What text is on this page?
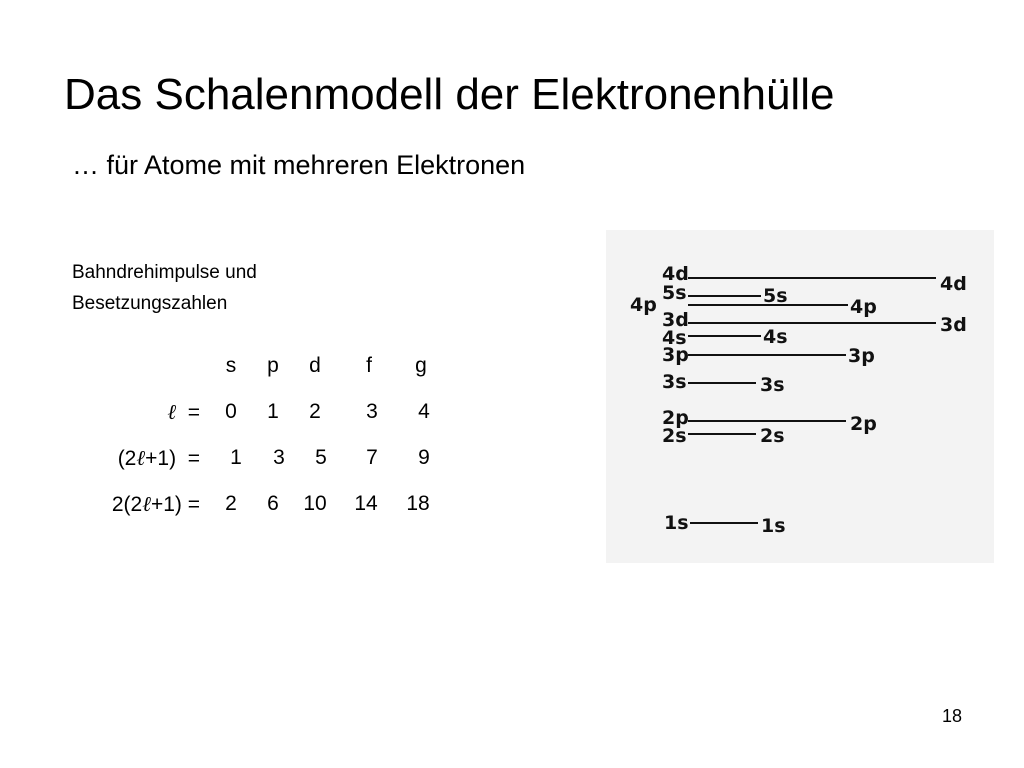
Das Schalenmodell der Elektronenhülle
… für Atome mit mehreren Elektronen
Bahndrehimpulse und
Besetzungszahlen
s p d f g
ℓ  = 0 1 2 3 4
(2ℓ+1)  = 1 3 5 7 9
2(2ℓ+1) = 2 6 10 14 18
4d	4d
5s	5s
4p	4p
3d	3d
4s	4s
3p	3p
3s	3s
2p	2p
2s	2s
1s	1s
18
